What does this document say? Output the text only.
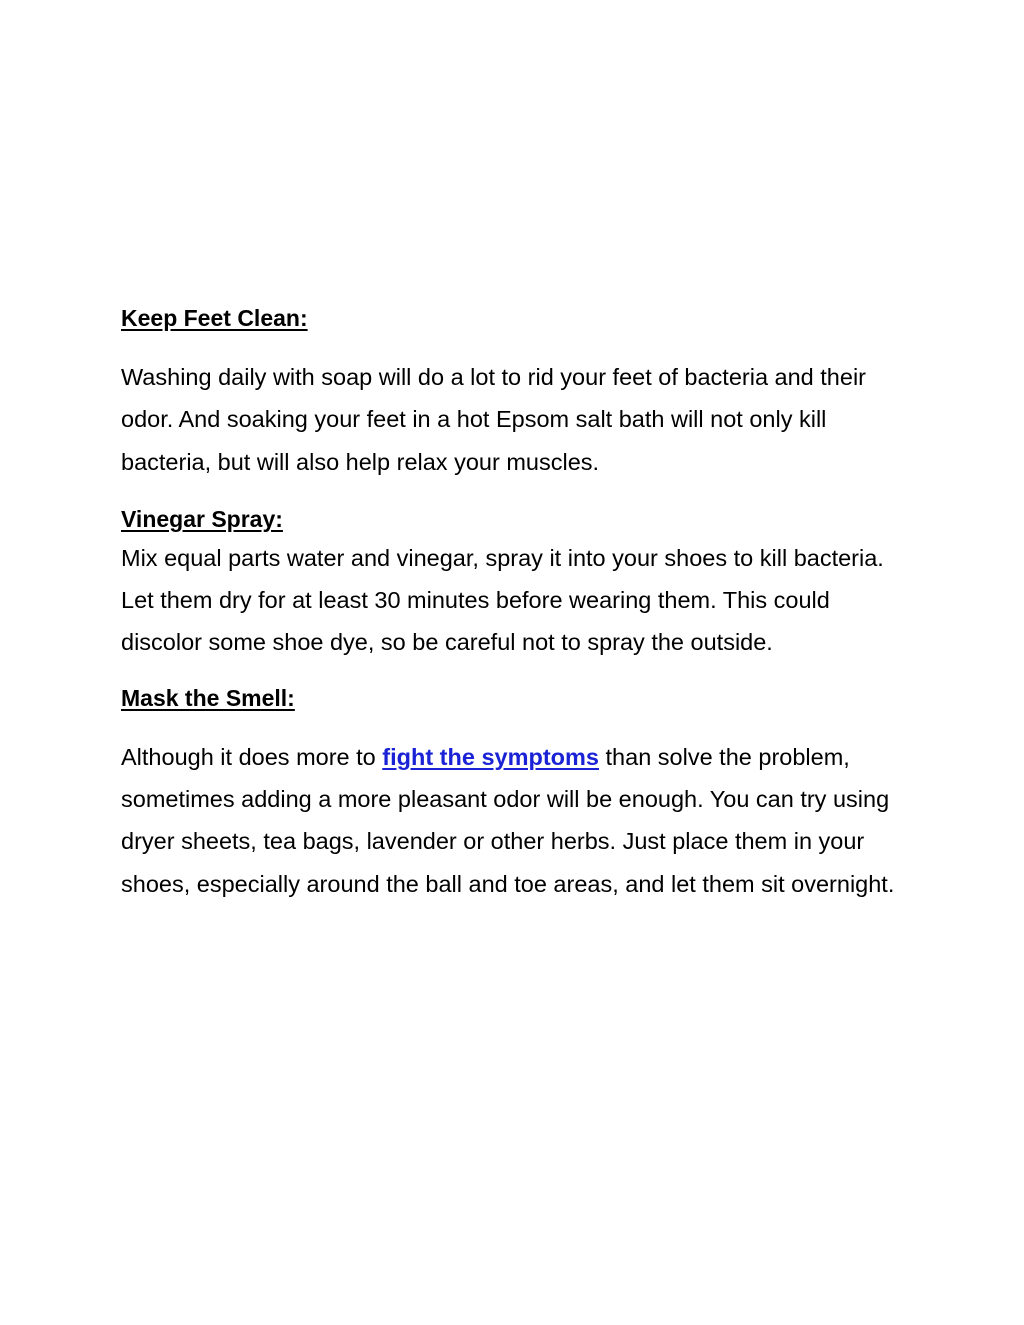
Keep Feet Clean:

Washing daily with soap will do a lot to rid your feet of bacteria and their odor. And soaking your feet in a hot Epsom salt bath will not only kill bacteria, but will also help relax your muscles.

Vinegar Spray:

Mix equal parts water and vinegar, spray it into your shoes to kill bacteria. Let them dry for at least 30 minutes before wearing them. This could discolor some shoe dye, so be careful not to spray the outside.

Mask the Smell:

Although it does more to fight the symptoms than solve the problem, sometimes adding a more pleasant odor will be enough. You can try using dryer sheets, tea bags, lavender or other herbs. Just place them in your shoes, especially around the ball and toe areas, and let them sit overnight.
